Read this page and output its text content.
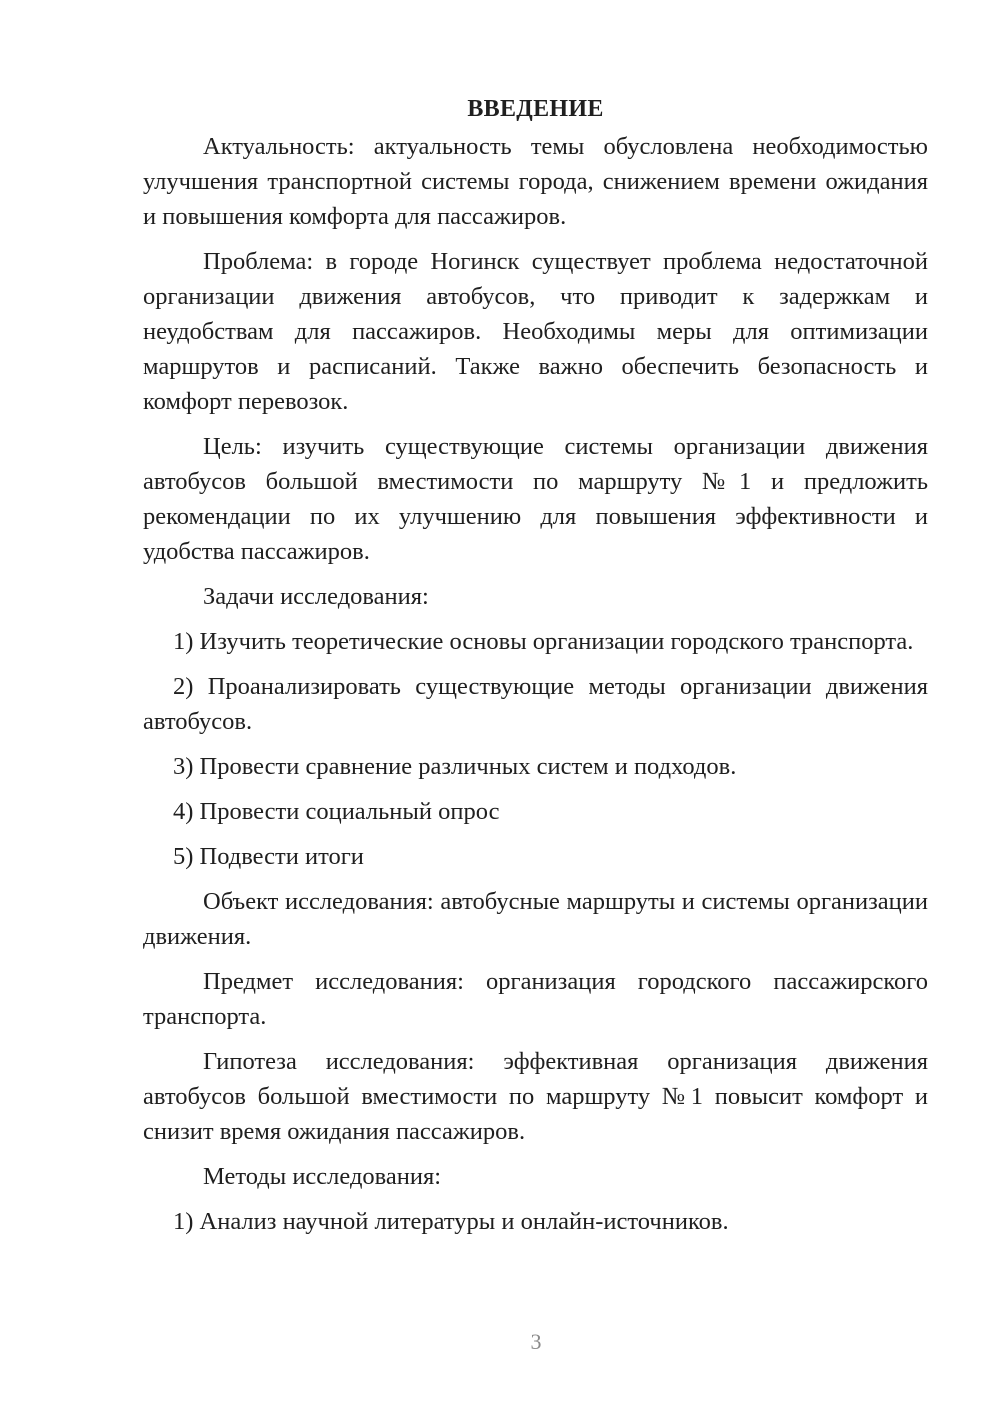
ВВЕДЕНИЕ

Актуальность: актуальность темы обусловлена необходимостью улучшения транспортной системы города, снижением времени ожидания и повышения комфорта для пассажиров.

Проблема: в городе Ногинск существует проблема недостаточной организации движения автобусов, что приводит к задержкам и неудобствам для пассажиров. Необходимы меры для оптимизации маршрутов и расписаний. Также важно обеспечить безопасность и комфорт перевозок.

Цель: изучить существующие системы организации движения автобусов большой вместимости по маршруту №1 и предложить рекомендации по их улучшению для повышения эффективности и удобства пассажиров.

Задачи исследования:

1) Изучить теоретические основы организации городского транспорта.

2) Проанализировать существующие методы организации движения автобусов.

3) Провести сравнение различных систем и подходов.

4) Провести социальный опрос

5) Подвести итоги

Объект исследования: автобусные маршруты и системы организации движения.

Предмет исследования: организация городского пассажирского транспорта.

Гипотеза исследования: эффективная организация движения автобусов большой вместимости по маршруту №1 повысит комфорт и снизит время ожидания пассажиров.

Методы исследования:

1) Анализ научной литературы и онлайн-источников.

3
